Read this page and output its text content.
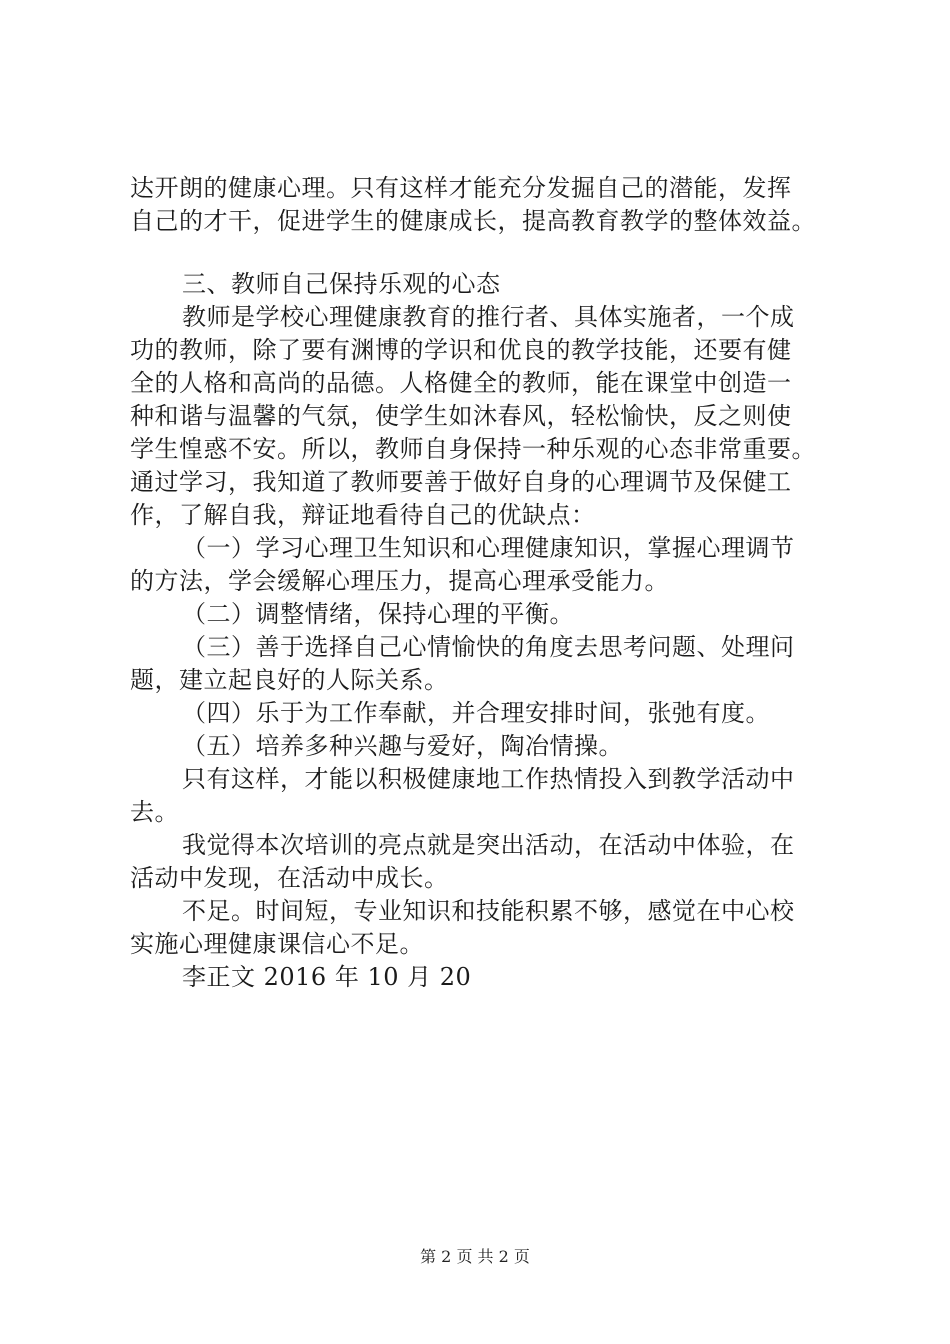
达开朗的健康心理。只有这样才能充分发掘自己的潜能，发挥
自己的才干，促进学生的健康成长，提高教育教学的整体效益。
三、教师自己保持乐观的心态
教师是学校心理健康教育的推行者、具体实施者，一个成
功的教师，除了要有渊博的学识和优良的教学技能，还要有健
全的人格和高尚的品德。人格健全的教师，能在课堂中创造一
种和谐与温馨的气氛，使学生如沐春风，轻松愉快，反之则使
学生惶惑不安。所以，教师自身保持一种乐观的心态非常重要。
通过学习，我知道了教师要善于做好自身的心理调节及保健工
作，了解自我，辩证地看待自己的优缺点：
（一）学习心理卫生知识和心理健康知识，掌握心理调节
的方法，学会缓解心理压力，提高心理承受能力。
（二）调整情绪，保持心理的平衡。
（三）善于选择自己心情愉快的角度去思考问题、处理问
题，建立起良好的人际关系。
（四）乐于为工作奉献，并合理安排时间，张弛有度。
（五）培养多种兴趣与爱好，陶冶情操。
只有这样，才能以积极健康地工作热情投入到教学活动中
去。
我觉得本次培训的亮点就是突出活动，在活动中体验，在
活动中发现，在活动中成长。
不足。时间短，专业知识和技能积累不够，感觉在中心校
实施心理健康课信心不足。
李正文 2016 年 10 月 20
第 2 页 共 2 页
